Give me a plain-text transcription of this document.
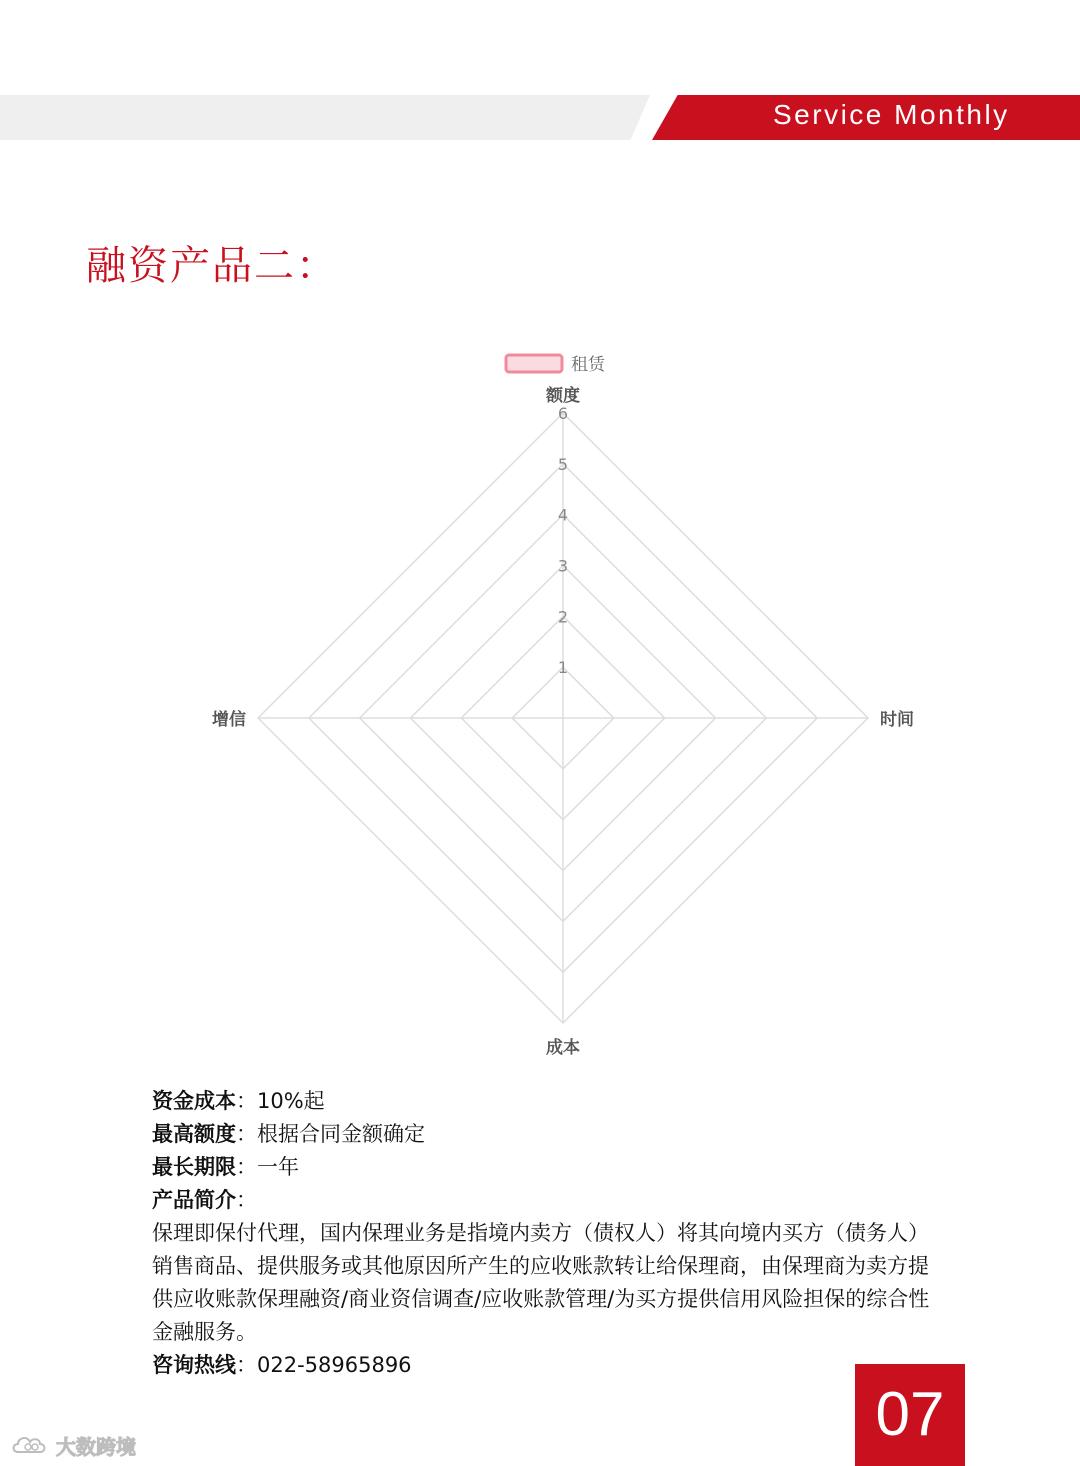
Service Monthly
融资产品二：
1
2
3
4
5
6
额度
时间
成本
增信
租赁
资金成本：10%起
最高额度：根据合同金额确定
最长期限：一年
产品简介：
保理即保付代理，国内保理业务是指境内卖方（债权人）将其向境内买方（债务人）销售商品、提供服务或其他原因所产生的应收账款转让给保理商，由保理商为卖方提供应收账款保理融资/商业资信调查/应收账款管理/为买方提供信用风险担保的综合性金融服务。
咨询热线：022-58965896
07
大数跨境
